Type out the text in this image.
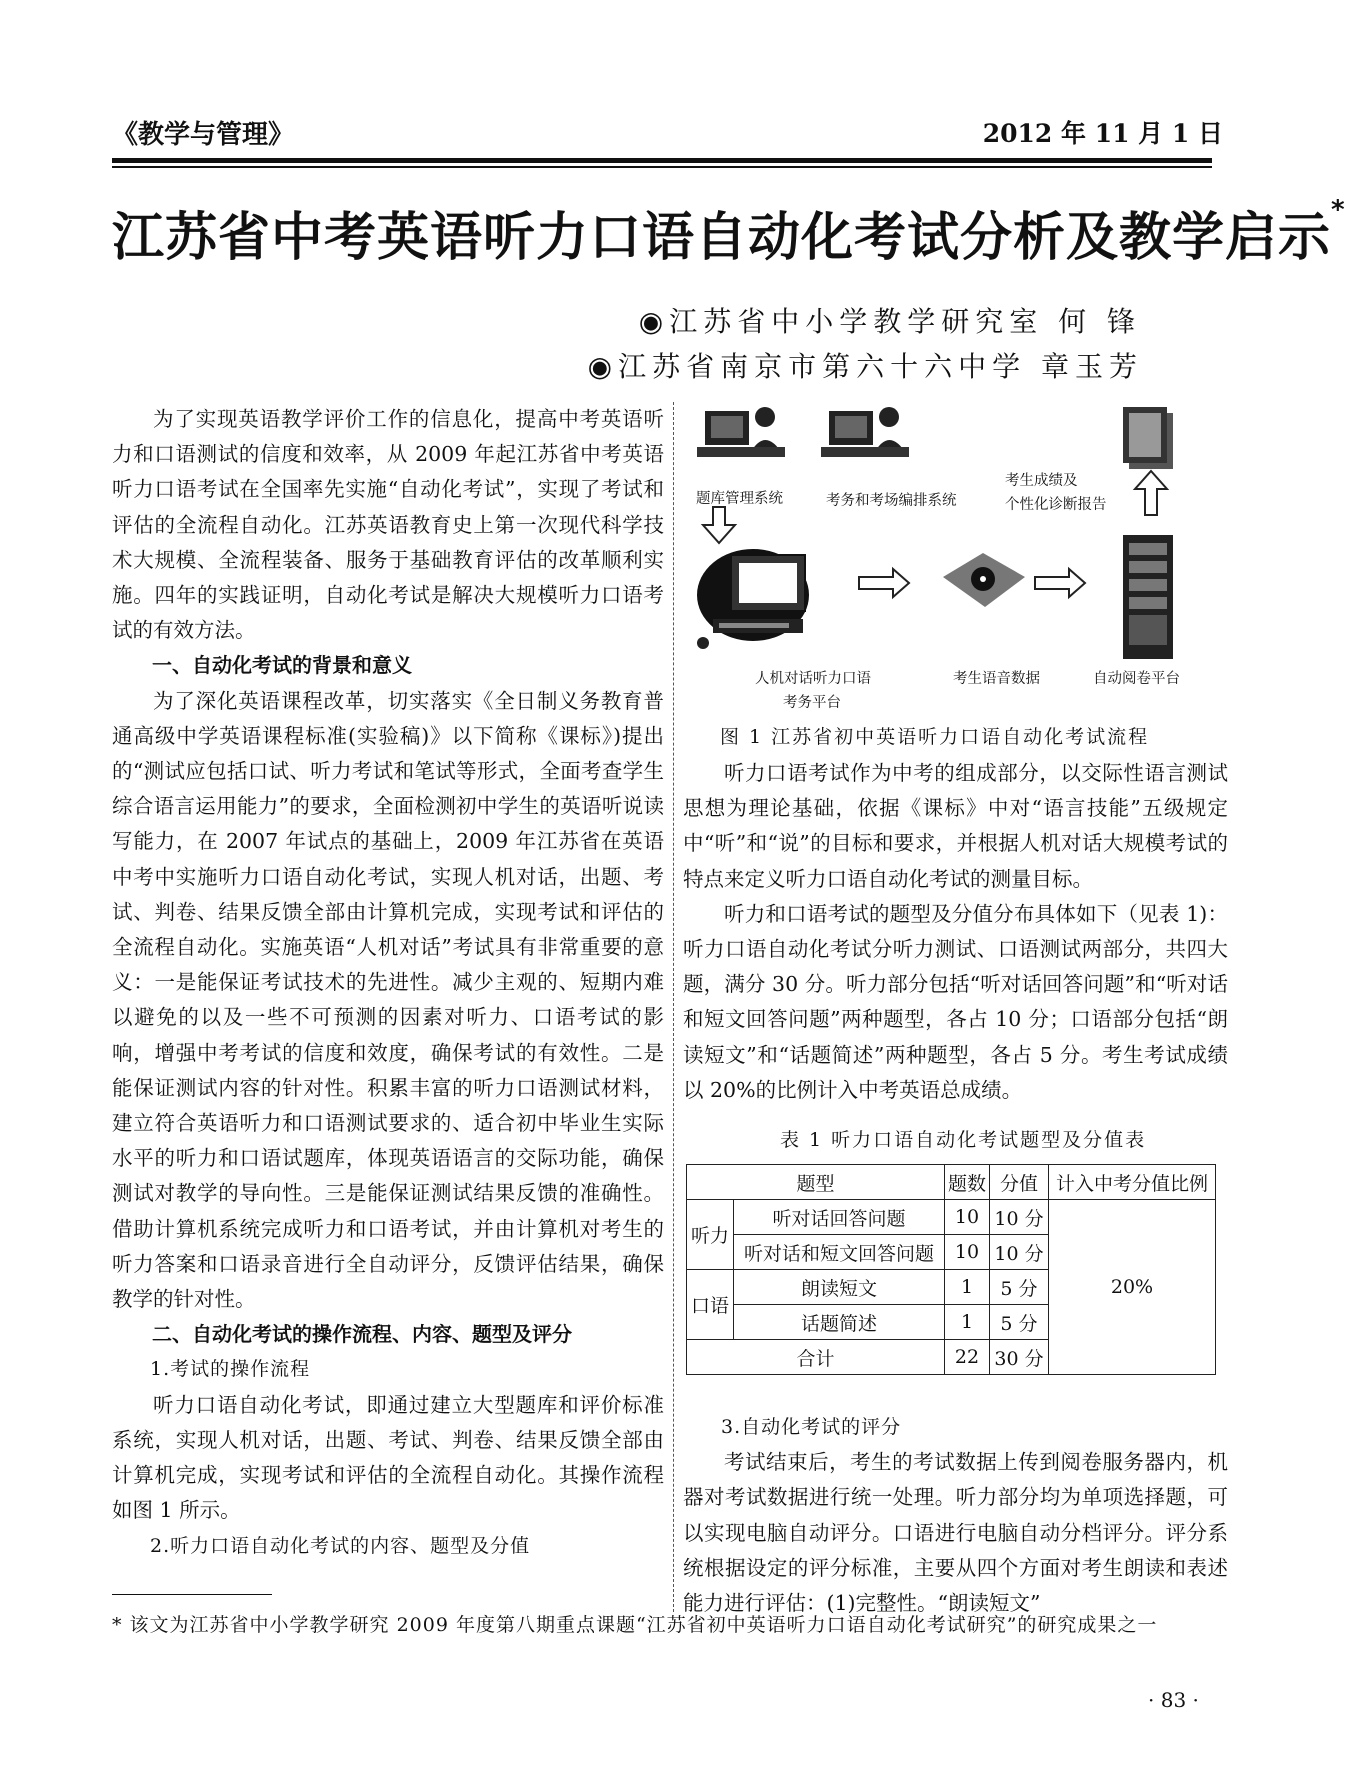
《教学与管理》	2012 年 11 月 1 日
江苏省中考英语听力口语自动化考试分析及教学启示*
◉江苏省中小学教学研究室 何 锋
◉江苏省南京市第六十六中学 章玉芳

为了实现英语教学评价工作的信息化，提高中考英语听力和口语测试的信度和效率，从 2009 年起江苏省中考英语听力口语考试在全国率先实施“自动化考试”，实现了考试和评估的全流程自动化。江苏英语教育史上第一次现代科学技术大规模、全流程装备、服务于基础教育评估的改革顺利实施。四年的实践证明，自动化考试是解决大规模听力口语考试的有效方法。

一、自动化考试的背景和意义

为了深化英语课程改革，切实落实《全日制义务教育普通高级中学英语课程标准(实验稿)》以下简称《课标》)提出的“测试应包括口试、听力考试和笔试等形式，全面考查学生综合语言运用能力”的要求，全面检测初中学生的英语听说读写能力，在 2007 年试点的基础上，2009 年江苏省在英语中考中实施听力口语自动化考试，实现人机对话，出题、考试、判卷、结果反馈全部由计算机完成，实现考试和评估的全流程自动化。实施英语“人机对话”考试具有非常重要的意义：一是能保证考试技术的先进性。减少主观的、短期内难以避免的以及一些不可预测的因素对听力、口语考试的影响，增强中考考试的信度和效度，确保考试的有效性。二是能保证测试内容的针对性。积累丰富的听力口语测试材料，建立符合英语听力和口语测试要求的、适合初中毕业生实际水平的听力和口语试题库，体现英语语言的交际功能，确保测试对教学的导向性。三是能保证测试结果反馈的准确性。借助计算机系统完成听力和口语考试，并由计算机对考生的听力答案和口语录音进行全自动评分，反馈评估结果，确保教学的针对性。

二、自动化考试的操作流程、内容、题型及评分

1.考试的操作流程

听力口语自动化考试，即通过建立大型题库和评价标准系统，实现人机对话，出题、考试、判卷、结果反馈全部由计算机完成，实现考试和评估的全流程自动化。其操作流程如图 1 所示。

2.听力口语自动化考试的内容、题型及分值

题库管理系统	考务和考场编排系统
考生成绩及
个性化诊断报告
人机对话听力口语
考务平台
考生语音数据	自动阅卷平台
图 1 江苏省初中英语听力口语自动化考试流程

听力口语考试作为中考的组成部分，以交际性语言测试思想为理论基础，依据《课标》中对“语言技能”五级规定中“听”和“说”的目标和要求，并根据人机对话大规模考试的特点来定义听力口语自动化考试的测量目标。

听力和口语考试的题型及分值分布具体如下（见表 1)：听力口语自动化考试分听力测试、口语测试两部分，共四大题，满分 30 分。听力部分包括“听对话回答问题”和“听对话和短文回答问题”两种题型，各占 10 分；口语部分包括“朗读短文”和“话题简述”两种题型，各占 5 分。考生考试成绩以 20%的比例计入中考英语总成绩。

表 1 听力口语自动化考试题型及分值表
题型		题数	分值	计入中考分值比例
听力	听对话回答问题	10	10 分	20%
	听对话和短文回答问题	10	10 分	
口语	朗读短文	1	5 分	
	话题简述	1	5 分	
合计		22	30 分	

3.自动化考试的评分

考试结束后，考生的考试数据上传到阅卷服务器内，机器对考试数据进行统一处理。听力部分均为单项选择题，可以实现电脑自动评分。口语进行电脑自动分档评分。评分系统根据设定的评分标准，主要从四个方面对考生朗读和表述能力进行评估：(1)完整性。“朗读短文”

* 该文为江苏省中小学教学研究 2009 年度第八期重点课题“江苏省初中英语听力口语自动化考试研究”的研究成果之一
· 83 ·
